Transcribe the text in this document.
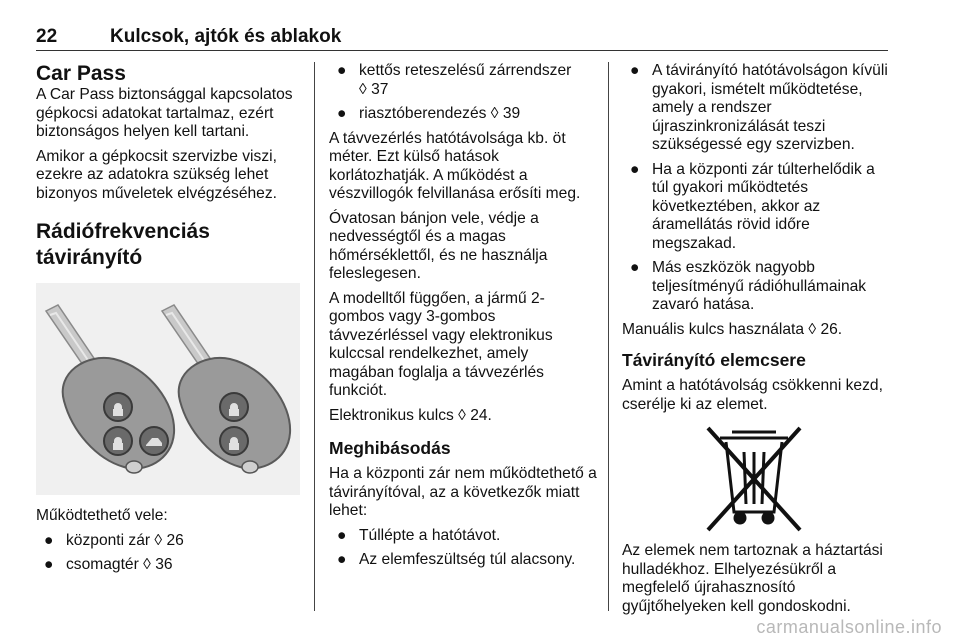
22	Kulcsok, ajtók és ablakok
Car Pass

A Car Pass biztonsággal kapcsolatos gépkocsi adatokat tartalmaz, ezért biztonságos helyen kell tartani.

Amikor a gépkocsit szervizbe viszi, ezekre az adatokra szükség lehet bizonyos műveletek elvégzéséhez.

Rádiófrekvenciás
távirányító

Működtethető vele:

● központi zár ◊ 26
● csomagtér ◊ 36
● kettős reteszelésű zárrendszer
◊ 37
● riasztóberendezés ◊ 39

A távvezérlés hatótávolsága kb. öt méter. Ezt külső hatások korlátozhatják. A működést a vészvillogók felvillanása erősíti meg.

Óvatosan bánjon vele, védje a nedvességtől és a magas hőmérséklettől, és ne használja feleslegesen.

A modelltől függően, a jármű 2-gombos vagy 3-gombos távvezérléssel vagy elektronikus kulccsal rendelkezhet, amely magában foglalja a távvezérlés funkciót.

Elektronikus kulcs ◊ 24.

Meghibásodás

Ha a központi zár nem működtethető a távirányítóval, az a következők miatt lehet:

● Túllépte a hatótávot.
● Az elemfeszültség túl alacsony.
● A távirányító hatótávolságon kívüli gyakori, ismételt működtetése, amely a rendszer újraszinkronizálását teszi szükségessé egy szervizben.
● Ha a központi zár túlterhelődik a túl gyakori működtetés következtében, akkor az áramellátás rövid időre megszakad.
● Más eszközök nagyobb teljesítményű rádióhullámainak zavaró hatása.

Manuális kulcs használata ◊ 26.

Távirányító elemcsere

Amint a hatótávolság csökkenni kezd, cserélje ki az elemet.

Az elemek nem tartoznak a háztartási hulladékhoz. Elhelyezésükről a megfelelő újrahasznosító gyűjtőhelyeken kell gondoskodni.

carmanualsonline.info
